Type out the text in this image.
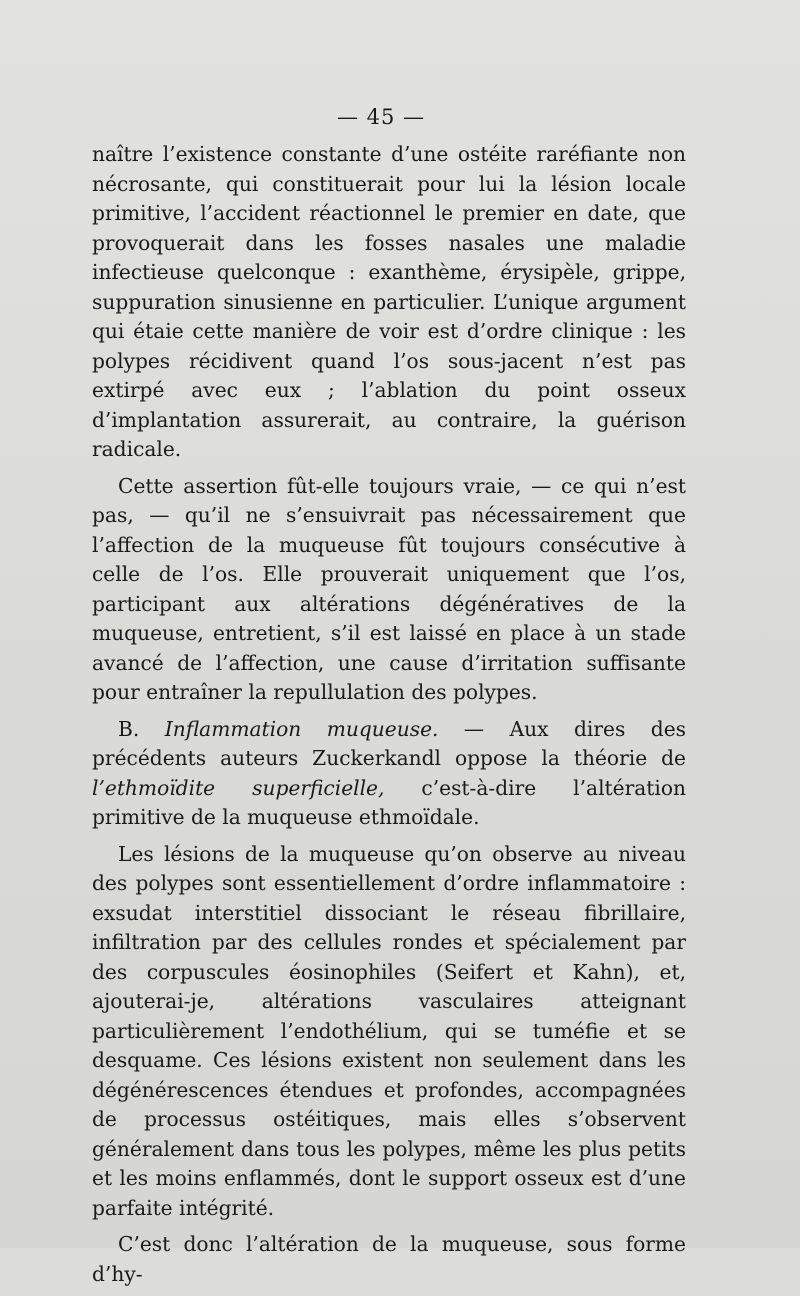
— 45 —

naître l’existence constante d’une ostéite raréfiante non nécrosante, qui constituerait pour lui la lésion locale primitive, l’accident réactionnel le premier en date, que provoquerait dans les fosses nasales une maladie infectieuse quelconque : exanthème, érysipèle, grippe, suppuration sinusienne en particulier. L’unique argument qui étaie cette manière de voir est d’ordre clinique : les polypes récidivent quand l’os sous-jacent n’est pas extirpé avec eux ; l’ablation du point osseux d’implantation assurerait, au contraire, la guérison radicale.

Cette assertion fût-elle toujours vraie, — ce qui n’est pas, — qu’il ne s’ensuivrait pas nécessairement que l’affection de la muqueuse fût toujours consécutive à celle de l’os. Elle prouverait uniquement que l’os, participant aux altérations dégénératives de la muqueuse, entretient, s’il est laissé en place à un stade avancé de l’affection, une cause d’irritation suffisante pour entraîner la repullulation des polypes.

B. Inflammation muqueuse. — Aux dires des précédents auteurs Zuckerkandl oppose la théorie de l’ethmoïdite superficielle, c’est-à-dire l’altération primitive de la muqueuse ethmoïdale.

Les lésions de la muqueuse qu’on observe au niveau des polypes sont essentiellement d’ordre inflammatoire : exsudat interstitiel dissociant le réseau fibrillaire, infiltration par des cellules rondes et spécialement par des corpuscules éosinophiles (Seifert et Kahn), et, ajouterai-je, altérations vasculaires atteignant particulièrement l’endothélium, qui se tuméfie et se desquame. Ces lésions existent non seulement dans les dégénérescences étendues et profondes, accompagnées de processus ostéitiques, mais elles s’observent généralement dans tous les polypes, même les plus petits et les moins enflammés, dont le support osseux est d’une parfaite intégrité.

C’est donc l’altération de la muqueuse, sous forme d’hy-
